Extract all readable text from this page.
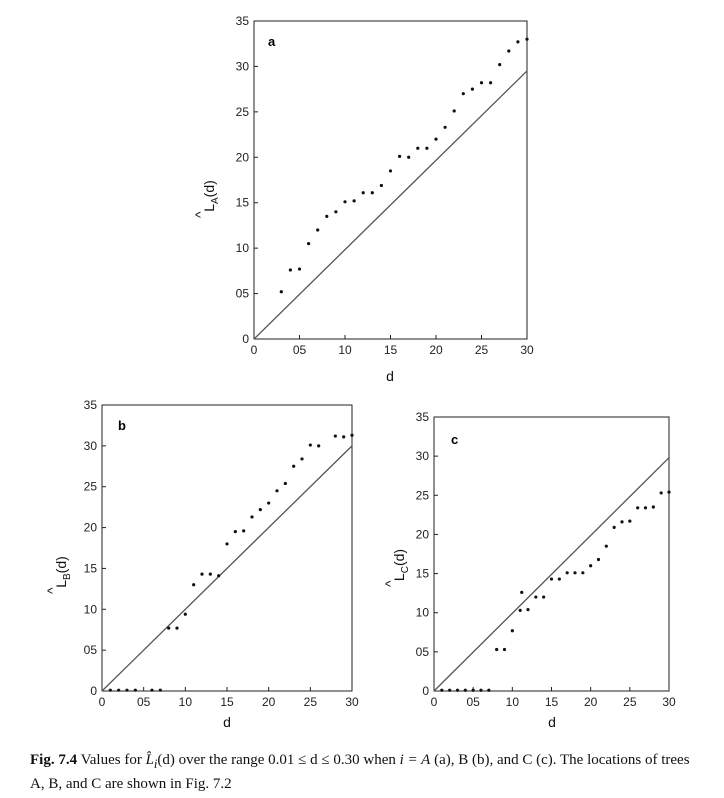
0	05	10	15	20	25	30
0
05
10
15
20
25
30
35
a
d
$L_A(d)$
^
0	05 10 15 20 25 30
0
05
10
15
20
25
30
35
b
d
$L_B(d)$
^
0 05 10 15 20 25 30
0
05
10
15
20
25
30
35
c
d
$L_C(d)$
^
Fig. 7.4 Values for $L̂_i(d)$ over the range 0.01 ≤ d ≤ 0.30 when i = A (a), B (b), and C (c). The locations of trees A, B, and C are shown in Fig. 7.2
